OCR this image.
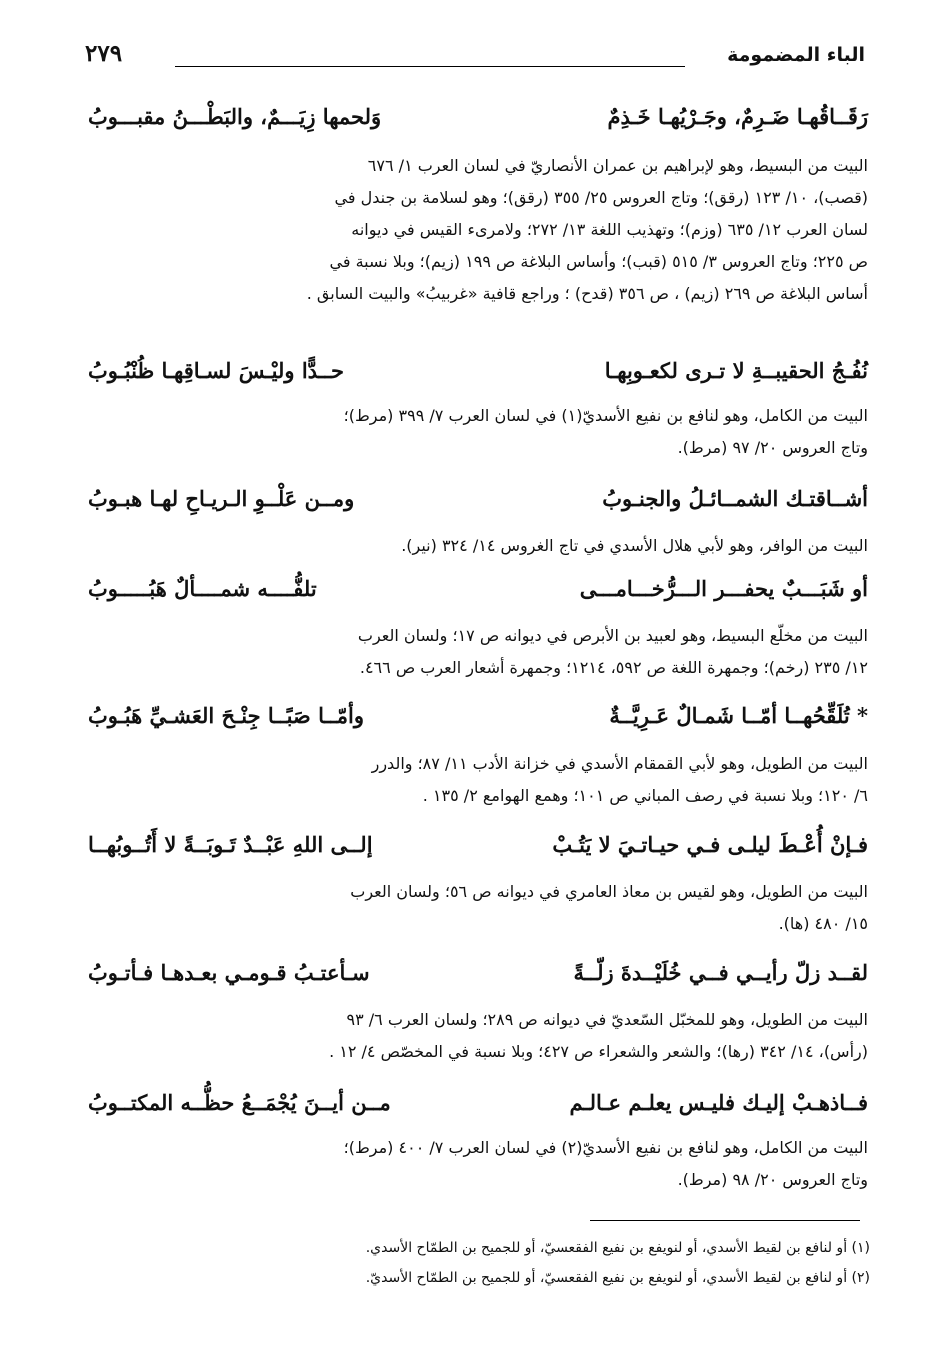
الباء المضمومة
٢٧٩
رَقَــاقُهـا ضَـرِمٌ، وجَـرْيُهـا خَـذِمٌ
وَلحمها زِيَـــمٌ، والبَطْـــنُ مقبـــوبُ
البيت من البسيط، وهو لإبراهيم بن عمران الأنصاريّ في لسان العرب ١/ ٦٧٦
(قصب)، ١٠/ ١٢٣ (رقق)؛ وتاج العروس ٢٥/ ٣٥٥ (رقق)؛ وهو لسلامة بن جندل في
لسان العرب ١٢/ ٦٣٥ (وزم)؛ وتهذيب اللغة ١٣/ ٢٧٢؛ ولامرىء القيس في ديوانه
ص ٢٢٥؛ وتاج العروس ٣/ ٥١٥ (قبب)؛ وأساس البلاغة ص ١٩٩ (زيم)؛ وبلا نسبة في
أساس البلاغة ص ٢٦٩ (زيم) ، ص ٣٥٦ (قدح) ؛ وراجع قافية «غربيبُ» والبيت السابق .
نُفُـجُ الحقيبــةِ لا تـرى لكعـوبِهـا
حــدًّا وليْـسَ لسـاقِهـا ظُنْبُـوبُ
البيت من الكامل، وهو لنافع بن نفيع الأسديّ(١) في لسان العرب ٧/ ٣٩٩ (مرط)؛
وتاج العروس ٢٠/ ٩٧ (مرط).
أشــاقتـك الشمــائـلُ والجنـوبُ
ومــن عَلْــوِ الـريـاحِ لهـا هبـوبُ
البيت من الوافر، وهو لأبي هلال الأسدي في تاج الغروس ١٤/ ٣٢٤ (نير).
أو شَبَـــبٌ يحفـــر الـــرُّخـــامـــى
تلفُّــــه شمــــألٌ هَبُـــــوبُ
البيت من مخلّع البسيط، وهو لعبيد بن الأبرص في ديوانه ص ١٧؛ ولسان العرب
١٢/ ٢٣٥ (رخم)؛ وجمهرة اللغة ص ٥٩٢، ١٢١٤؛ وجمهرة أشعار العرب ص ٤٦٦.
* تُلَقِّحُهــا أمّــا شَمـالٌ عَـرِيَّــةٌ
وأمّــا صَبًــا جِنْـحَ العَشـيِّ هَبُـوبُ
البيت من الطويل، وهو لأبي القمقام الأسدي في خزانة الأدب ١١/ ٨٧؛ والدرر
٦/ ١٢٠؛ وبلا نسبة في رصف المباني ص ١٠١؛ وهمع الهوامع ٢/ ١٣٥ .
فـإنْ أُعْـطَ ليلـى فـي حيـاتـيَ لا يَتُـبْ
إلــى اللهِ عَبْــدٌ تَـوبَــةً لا أَتُــوبُهــا
البيت من الطويل، وهو لقيس بن معاذ العامري في ديوانه ص ٥٦؛ ولسان العرب
١٥/ ٤٨٠ (ها).
لقــد زلّ رأيــي فــي خُلَيْــدةَ زلّــةً
سـأعتـبُ قـومـي بعـدهـا فـأتـوبُ
البيت من الطويل، وهو للمخبّل السّعديّ في ديوانه ص ٢٨٩؛ ولسان العرب ٦/ ٩٣
(رأس)، ١٤/ ٣٤٢ (رها)؛ والشعر والشعراء ص ٤٢٧؛ وبلا نسبة في المخصّص ٤/ ١٢ .
فــاذهـبْ إليـك فليـس يعلـم عـالـم
مــن أيــنَ يُجْمَــعُ حظُّــه المكتــوبُ
البيت من الكامل، وهو لنافع بن نفيع الأسديّ(٢) في لسان العرب ٧/ ٤٠٠ (مرط)؛
وتاج العروس ٢٠/ ٩٨ (مرط).
(١) أو لنافع بن لقيط الأسدي، أو لنويفع بن نفيع الفقعسيّ، أو للجميح بن الطمّاح الأسدي.
(٢) أو لنافع بن لقيط الأسدي، أو لنويفع بن نفيع الفقعسيّ، أو للجميح بن الطمّاح الأسديّ.
